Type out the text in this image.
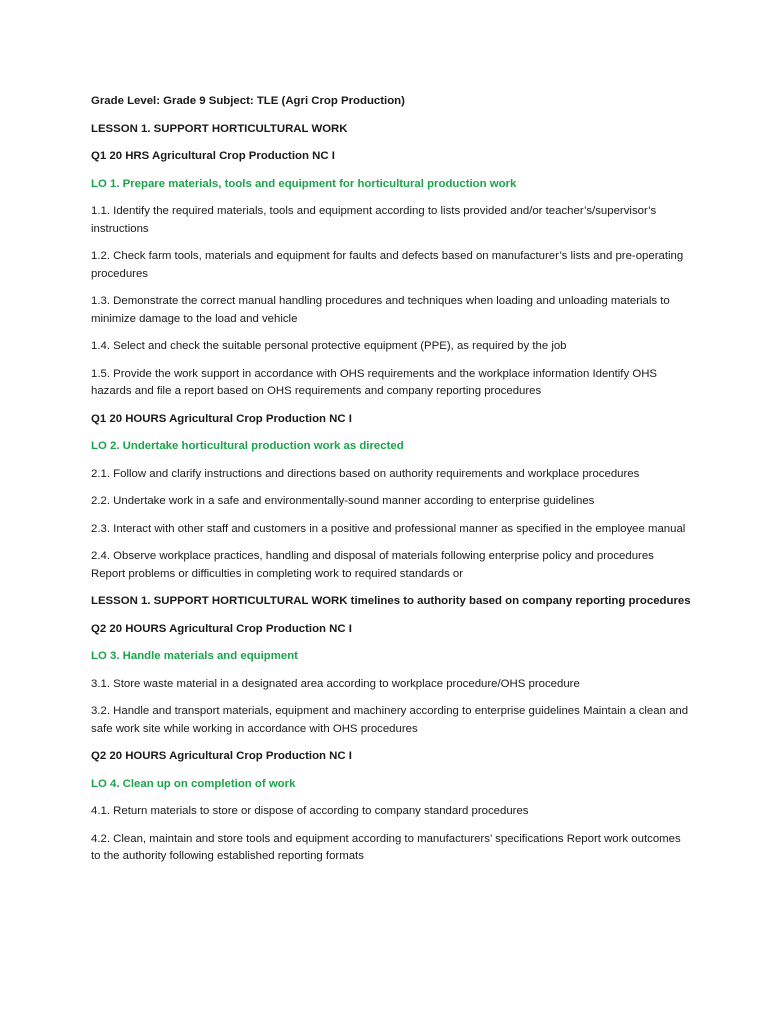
Grade Level: Grade 9 Subject: TLE (Agri Crop Production)

LESSON 1. SUPPORT HORTICULTURAL WORK

Q1 20 HRS Agricultural Crop Production NC I

LO 1. Prepare materials, tools and equipment for horticultural production work

1.1. Identify the required materials, tools and equipment according to lists provided and/or teacher’s/supervisor’s instructions

1.2. Check farm tools, materials and equipment for faults and defects based on manufacturer’s lists and pre-operating procedures

1.3. Demonstrate the correct manual handling procedures and techniques when loading and unloading materials to minimize damage to the load and vehicle

1.4. Select and check the suitable personal protective equipment (PPE), as required by the job

1.5. Provide the work support in accordance with OHS requirements and the workplace information Identify OHS hazards and file a report based on OHS requirements and company reporting procedures

Q1 20 HOURS Agricultural Crop Production NC I

LO 2. Undertake horticultural production work as directed

2.1. Follow and clarify instructions and directions based on authority requirements and workplace procedures

2.2. Undertake work in a safe and environmentally-sound manner according to enterprise guidelines

2.3. Interact with other staff and customers in a positive and professional manner as specified in the employee manual

2.4. Observe workplace practices, handling and disposal of materials following enterprise policy and procedures Report problems or difficulties in completing work to required standards or

LESSON 1. SUPPORT HORTICULTURAL WORK timelines to authority based on company reporting procedures

Q2 20 HOURS Agricultural Crop Production NC I

LO 3. Handle materials and equipment

3.1. Store waste material in a designated area according to workplace procedure/OHS procedure

3.2. Handle and transport materials, equipment and machinery according to enterprise guidelines Maintain a clean and safe work site while working in accordance with OHS procedures

Q2 20 HOURS Agricultural Crop Production NC I

LO 4. Clean up on completion of work

4.1. Return materials to store or dispose of according to company standard procedures

4.2. Clean, maintain and store tools and equipment according to manufacturers’ specifications Report work outcomes to the authority following established reporting formats
